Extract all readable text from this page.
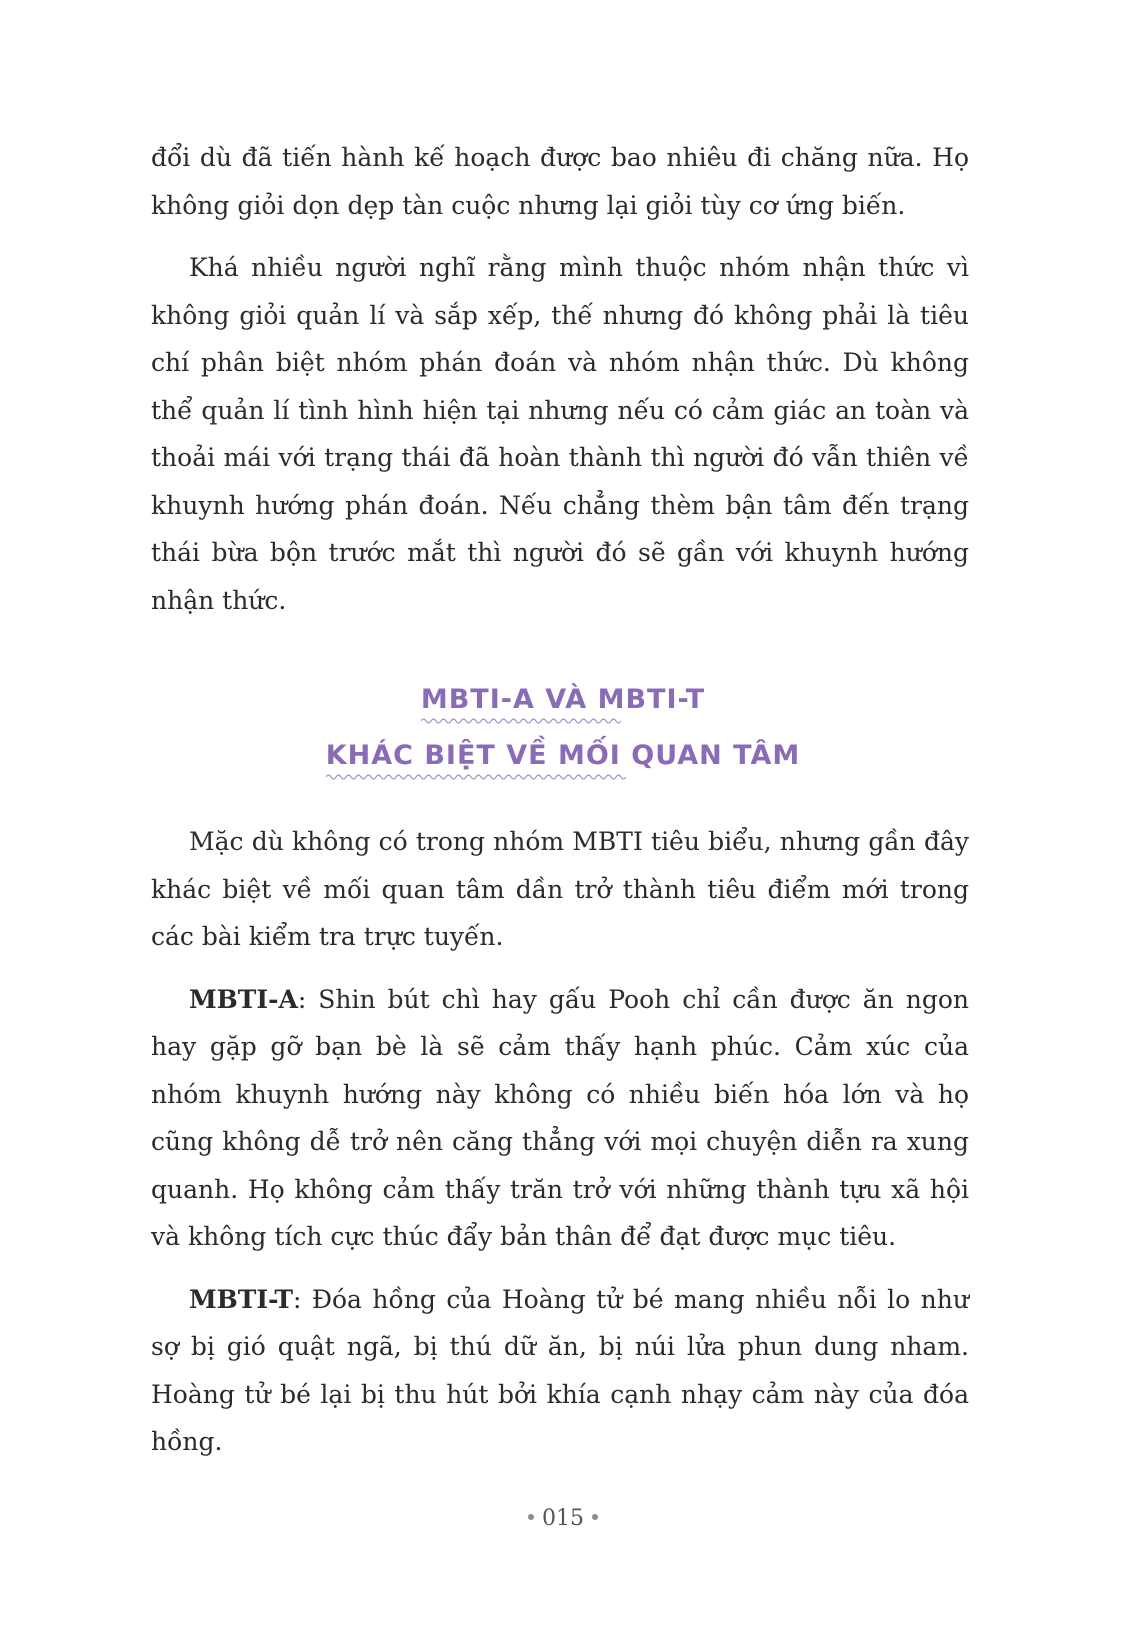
đổi dù đã tiến hành kế hoạch được bao nhiêu đi chăng nữa. Họ không giỏi dọn dẹp tàn cuộc nhưng lại giỏi tùy cơ ứng biến.

Khá nhiều người nghĩ rằng mình thuộc nhóm nhận thức vì không giỏi quản lí và sắp xếp, thế nhưng đó không phải là tiêu chí phân biệt nhóm phán đoán và nhóm nhận thức. Dù không thể quản lí tình hình hiện tại nhưng nếu có cảm giác an toàn và thoải mái với trạng thái đã hoàn thành thì người đó vẫn thiên về khuynh hướng phán đoán. Nếu chẳng thèm bận tâm đến trạng thái bừa bộn trước mắt thì người đó sẽ gần với khuynh hướng nhận thức.

MBTI-A VÀ MBTI-T
KHÁC BIỆT VỀ MỐI QUAN TÂM

Mặc dù không có trong nhóm MBTI tiêu biểu, nhưng gần đây khác biệt về mối quan tâm dần trở thành tiêu điểm mới trong các bài kiểm tra trực tuyến.

MBTI-A: Shin bút chì hay gấu Pooh chỉ cần được ăn ngon hay gặp gỡ bạn bè là sẽ cảm thấy hạnh phúc. Cảm xúc của nhóm khuynh hướng này không có nhiều biến hóa lớn và họ cũng không dễ trở nên căng thẳng với mọi chuyện diễn ra xung quanh. Họ không cảm thấy trăn trở với những thành tựu xã hội và không tích cực thúc đẩy bản thân để đạt được mục tiêu.

MBTI-T: Đóa hồng của Hoàng tử bé mang nhiều nỗi lo như sợ bị gió quật ngã, bị thú dữ ăn, bị núi lửa phun dung nham. Hoàng tử bé lại bị thu hút bởi khía cạnh nhạy cảm này của đóa hồng.

015
